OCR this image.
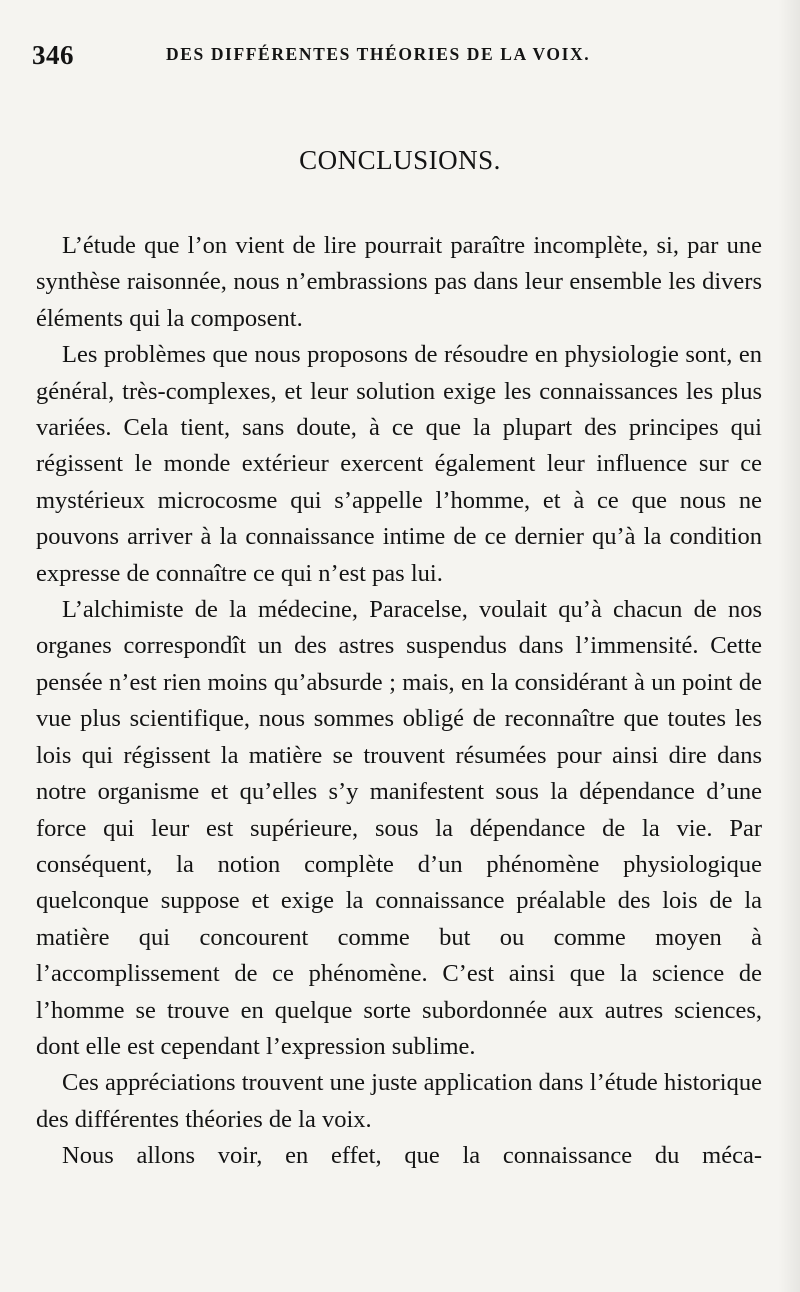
346	DES DIFFÉRENTES THÉORIES DE LA VOIX.
CONCLUSIONS.

L’étude que l’on vient de lire pourrait paraître incomplète, si, par une synthèse raisonnée, nous n’embrassions pas dans leur ensemble les divers éléments qui la composent.

Les problèmes que nous proposons de résoudre en physiologie sont, en général, très-complexes, et leur solution exige les connaissances les plus variées. Cela tient, sans doute, à ce que la plupart des principes qui régissent le monde extérieur exercent également leur influence sur ce mystérieux microcosme qui s’appelle l’homme, et à ce que nous ne pouvons arriver à la connaissance intime de ce dernier qu’à la condition expresse de connaître ce qui n’est pas lui.

L’alchimiste de la médecine, Paracelse, voulait qu’à chacun de nos organes correspondît un des astres suspendus dans l’immensité. Cette pensée n’est rien moins qu’absurde ; mais, en la considérant à un point de vue plus scientifique, nous sommes obligé de reconnaître que toutes les lois qui régissent la matière se trouvent résumées pour ainsi dire dans notre organisme et qu’elles s’y manifestent sous la dépendance d’une force qui leur est supérieure, sous la dépendance de la vie. Par conséquent, la notion complète d’un phénomène physiologique quelconque suppose et exige la connaissance préalable des lois de la matière qui concourent comme but ou comme moyen à l’accomplissement de ce phénomène. C’est ainsi que la science de l’homme se trouve en quelque sorte subordonnée aux autres sciences, dont elle est cependant l’expression sublime.

Ces appréciations trouvent une juste application dans l’étude historique des différentes théories de la voix.

Nous allons voir, en effet, que la connaissance du méca-
